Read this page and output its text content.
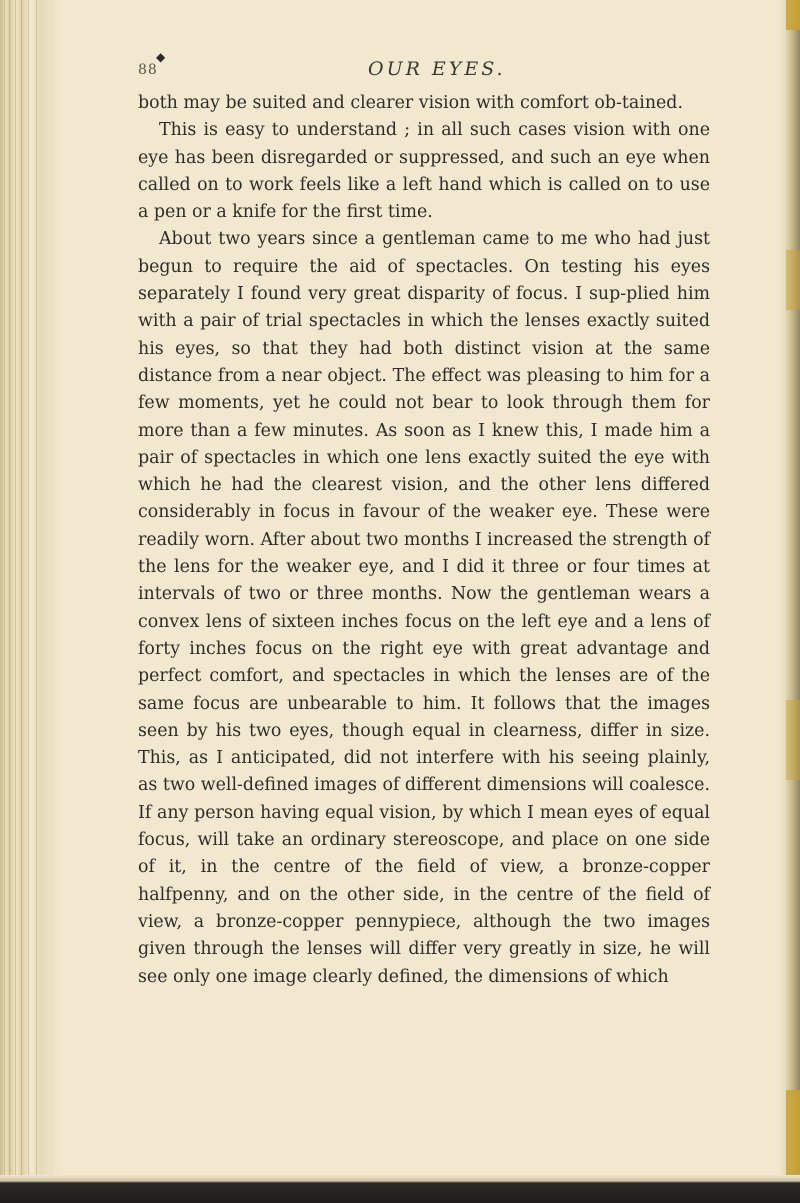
88
◆
OUR EYES.

both may be suited and clearer vision with comfort ob-tained.

This is easy to understand ; in all such cases vision with one eye has been disregarded or suppressed, and such an eye when called on to work feels like a left hand which is called on to use a pen or a knife for the first time.

About two years since a gentleman came to me who had just begun to require the aid of spectacles. On testing his eyes separately I found very great disparity of focus. I sup-plied him with a pair of trial spectacles in which the lenses exactly suited his eyes, so that they had both distinct vision at the same distance from a near object. The effect was pleasing to him for a few moments, yet he could not bear to look through them for more than a few minutes. As soon as I knew this, I made him a pair of spectacles in which one lens exactly suited the eye with which he had the clearest vision, and the other lens differed considerably in focus in favour of the weaker eye. These were readily worn. After about two months I increased the strength of the lens for the weaker eye, and I did it three or four times at intervals of two or three months. Now the gentleman wears a convex lens of sixteen inches focus on the left eye and a lens of forty inches focus on the right eye with great advantage and perfect comfort, and spectacles in which the lenses are of the same focus are unbearable to him. It follows that the images seen by his two eyes, though equal in clearness, differ in size. This, as I anticipated, did not interfere with his seeing plainly, as two well-defined images of different dimensions will coalesce. If any person having equal vision, by which I mean eyes of equal focus, will take an ordinary stereoscope, and place on one side of it, in the centre of the field of view, a bronze-copper halfpenny, and on the other side, in the centre of the field of view, a bronze-copper pennypiece, although the two images given through the lenses will differ very greatly in size, he will see only one image clearly defined, the dimensions of which
